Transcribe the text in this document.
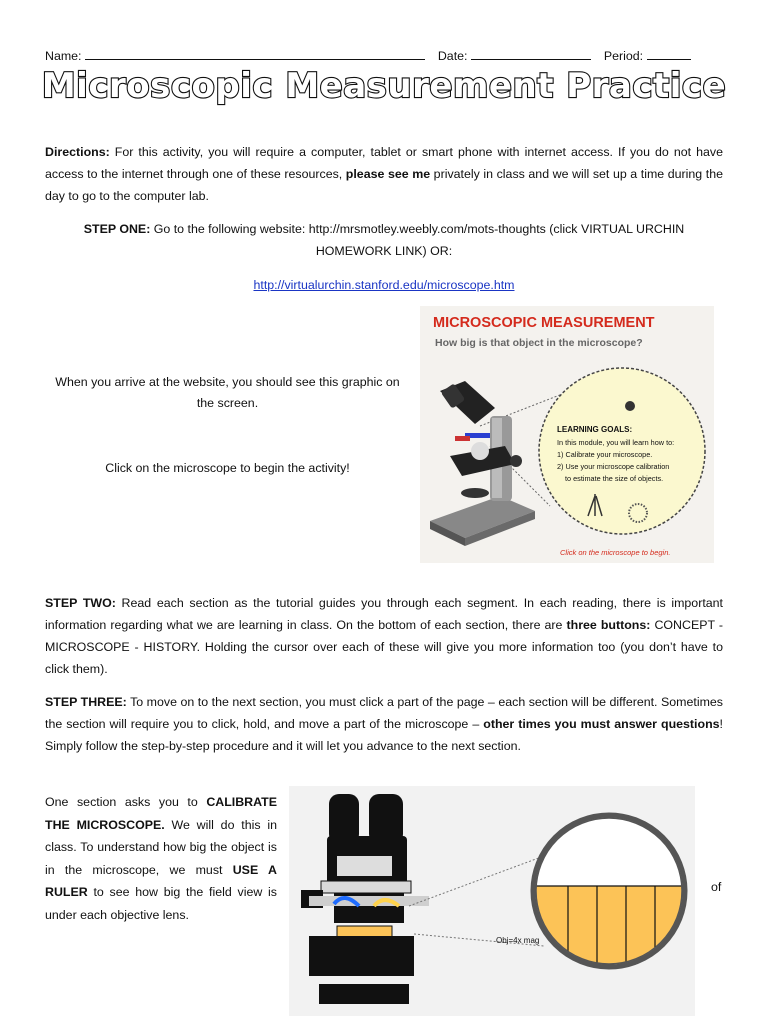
Name:	Date:	Period:
Microscopic Measurement Practice
Directions: For this activity, you will require a computer, tablet or smart phone with internet access. If you do not have access to the internet through one of these resources, please see me privately in class and we will set up a time during the day to go to the computer lab.
STEP ONE: Go to the following website: http://mrsmotley.weebly.com/mots-thoughts (click VIRTUAL URCHIN HOMEWORK LINK) OR:
http://virtualurchin.stanford.edu/microscope.htm
When you arrive at the website, you should see this graphic on the screen.
Click on the microscope to begin the activity!
MICROSCOPIC MEASUREMENT
How big is that object in the microscope?
LEARNING GOALS:
In this module, you will learn how to:
1) Calibrate your microscope.
2) Use your microscope calibration
to estimate the size of objects.
Click on the microscope to begin.
STEP TWO: Read each section as the tutorial guides you through each segment. In each reading, there is important information regarding what we are learning in class. On the bottom of each section, there are three buttons: CONCEPT - MICROSCOPE - HISTORY. Holding the cursor over each of these will give you more information too (you don’t have to click them).
STEP THREE: To move on to the next section, you must click a part of the page – each section will be different. Sometimes the section will require you to click, hold, and move a part of the microscope – other times you must answer questions! Simply follow the step-by-step procedure and it will let you advance to the next section.
One section asks you to CALIBRATE THE MICROSCOPE. We will do this in class. To understand how big the object is in the microscope, we must USE A RULER to see how big the field view is under each objective lens.
of
Obj=4x mag
